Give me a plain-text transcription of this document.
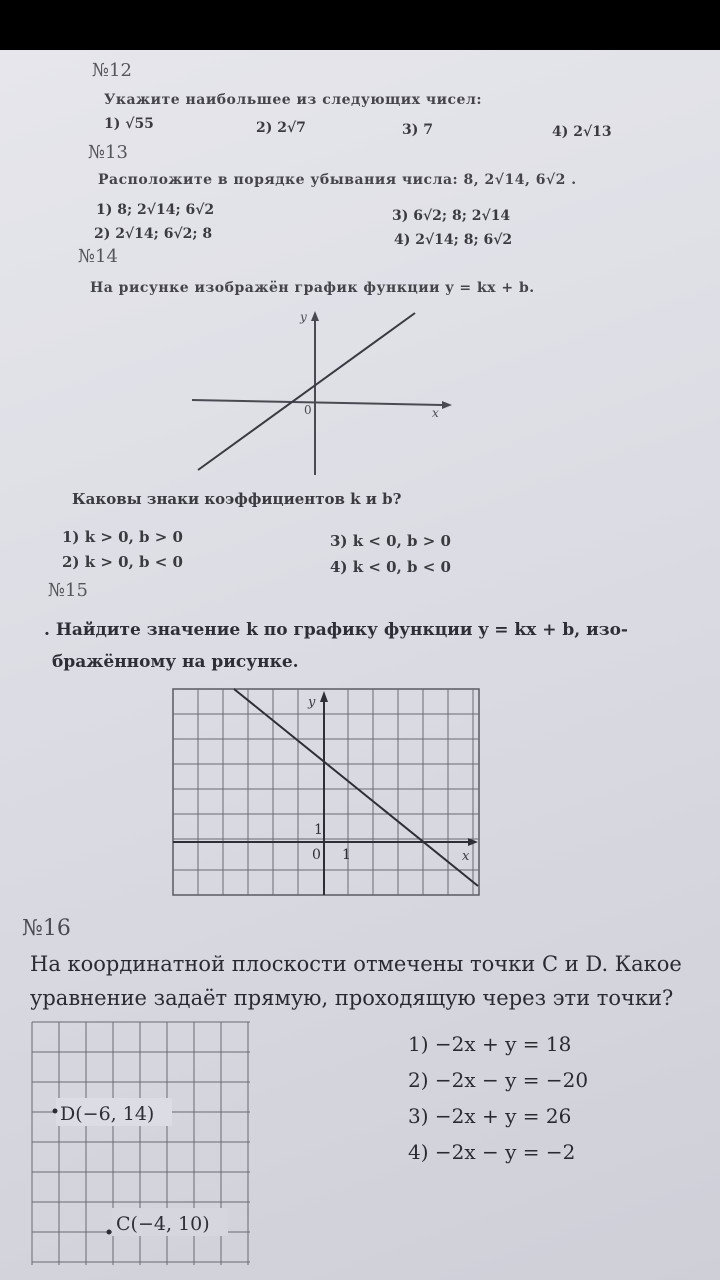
№12
Укажите наибольшее из следующих чисел:
1) √55	2) 2√7	3) 7	4) 2√13
№13
Расположите в порядке убывания числа: 8, 2√14, 6√2 .
1) 8; 2√14; 6√2
2) 2√14; 6√2; 8
3) 6√2; 8; 2√14
4) 2√14; 8; 6√2
№14
На рисунке изображён график функции y = kx + b.
y
x
0
Каковы знаки коэффициентов k и b?
1) k > 0, b > 0
2) k > 0, b < 0
3) k < 0, b > 0
4) k < 0, b < 0
№15
. Найдите значение k по графику функции y = kx + b, изо-
бражённому на рисунке.
y
x
0 1
1
№16
На координатной плоскости отмечены точки C и D. Какое
уравнение задаёт прямую, проходящую через эти точки?
D(−6, 14)
C(−4, 10)
1) −2x + y = 18
2) −2x − y = −20
3) −2x + y = 26
4) −2x − y = −2
